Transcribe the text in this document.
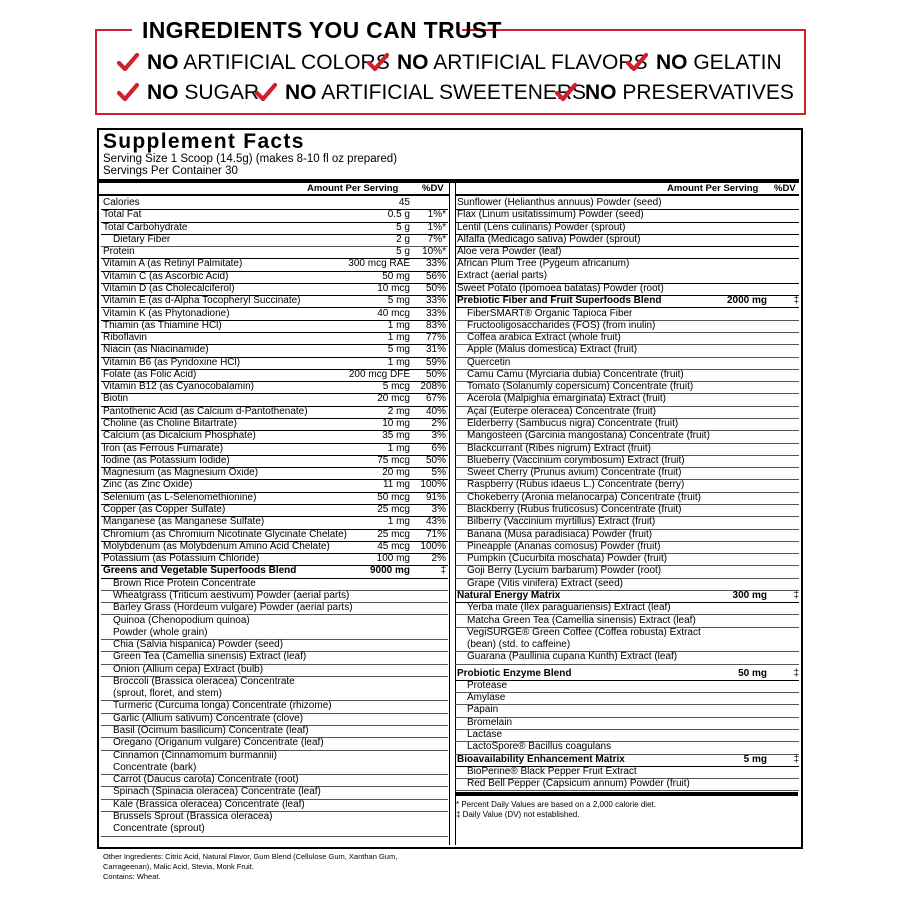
INGREDIENTS YOU CAN TRUST
NO ARTIFICIAL COLORS NO ARTIFICIAL FLAVORS NO GELATIN
NO SUGAR	NO ARTIFICIAL SWEETENERS
NO PRESERVATIVES
Supplement Facts
Serving Size 1 Scoop (14.5g) (makes 8-10 fl oz prepared)
Servings Per Container 30
Amount Per Serving %DV	Amount Per Serving %DV
Calories	45
Total Fat	0.5 g 1%*
Total Carbohydrate	5 g 1%*
Dietary Fiber	2 g 7%*
Protein	5 g 10%*
Vitamin A (as Retinyl Palmitate)	300 mcg RAE 33%
Vitamin C (as Ascorbic Acid)	50 mg 56%
Vitamin D (as Cholecalciferol)	10 mcg 50%
Vitamin E (as d-Alpha Tocopheryl Succinate)	5 mg 33%
Vitamin K (as Phytonadione)	40 mcg 33%
Thiamin (as Thiamine HCl)	1 mg 83%
Riboflavin	1 mg 77%
Niacin (as Niacinamide)	5 mg 31%
Vitamin B6 (as Pyridoxine HCl)	1 mg 59%
Folate (as Folic Acid)	200 mcg DFE 50%
Vitamin B12 (as Cyanocobalamin)	5 mcg 208%
Biotin	20 mcg 67%
Pantothenic Acid (as Calcium d-Pantothenate)	2 mg 40%
Choline (as Choline Bitartrate)	10 mg 2%
Calcium (as Dicalcium Phosphate)	35 mg 3%
Iron (as Ferrous Fumarate)	1 mg 6%
Iodine (as Potassium Iodide)	75 mcg 50%
Magnesium (as Magnesium Oxide)	20 mg 5%
Zinc (as Zinc Oxide)	11 mg 100%
Selenium (as L-Selenomethionine)	50 mcg 91%
Copper (as Copper Sulfate)	25 mcg 3%
Manganese (as Manganese Sulfate)	1 mg 43%
Chromium (as Chromium Nicotinate Glycinate Chelate)	25 mcg 71%
Molybdenum (as Molybdenum Amino Acid Chelate)	45 mcg 100%
Potassium (as Potassium Chloride)	100 mg 2%
Greens and Vegetable Superfoods Blend	9000 mg	‡
Brown Rice Protein Concentrate
Wheatgrass (Triticum aestivum) Powder (aerial parts)
Barley Grass (Hordeum vulgare) Powder (aerial parts)
Quinoa (Chenopodium quinoa)
Powder (whole grain)
Chia (Salvia hispanica) Powder (seed)
Green Tea (Camellia sinensis) Extract (leaf)
Onion (Allium cepa) Extract (bulb)
Broccoli (Brassica oleracea) Concentrate
(sprout, floret, and stem)
Turmeric (Curcuma longa) Concentrate (rhizome)
Garlic (Allium sativum) Concentrate (clove)
Basil (Ocimum basilicum) Concentrate (leaf)
Oregano (Origanum vulgare) Concentrate (leaf)
Cinnamon (Cinnamomum burmannii)
Concentrate (bark)
Carrot (Daucus carota) Concentrate (root)
Spinach (Spinacia oleracea) Concentrate (leaf)
Kale (Brassica oleracea) Concentrate (leaf)
Brussels Sprout (Brassica oleracea)
Concentrate (sprout)
Sunflower (Helianthus annuus) Powder (seed)
Flax (Linum usitatissimum) Powder (seed)
Lentil (Lens culinaris) Powder (sprout)
Alfalfa (Medicago sativa) Powder (sprout)
Aloe vera Powder (leaf)
African Plum Tree (Pygeum africanum)
Extract (aerial parts)
Sweet Potato (Ipomoea batatas) Powder (root)
Prebiotic Fiber and Fruit Superfoods Blend	2000 mg	‡
FiberSMART® Organic Tapioca Fiber
Fructooligosaccharides (FOS) (from inulin)
Coffea arabica Extract (whole fruit)
Apple (Malus domestica) Extract (fruit)
Quercetin
Camu Camu (Myrciaria dubia) Concentrate (fruit)
Tomato (Solanumly copersicum) Concentrate (fruit)
Acerola (Malpighia emarginata) Extract (fruit)
Açaí (Euterpe oleracea) Concentrate (fruit)
Elderberry (Sambucus nigra) Concentrate (fruit)
Mangosteen (Garcinia mangostana) Concentrate (fruit)
Blackcurrant (Ribes nigrum) Extract (fruit)
Blueberry (Vaccinium corymbosum) Extract (fruit)
Sweet Cherry (Prunus avium) Concentrate (fruit)
Raspberry (Rubus idaeus L.) Concentrate (berry)
Chokeberry (Aronia melanocarpa) Concentrate (fruit)
Blackberry (Rubus fruticosus) Concentrate (fruit)
Bilberry (Vaccinium myrtillus) Extract (fruit)
Banana (Musa paradisiaca) Powder (fruit)
Pineapple (Ananas comosus) Powder (fruit)
Pumpkin (Cucurbita moschata) Powder (fruit)
Goji Berry (Lycium barbarum) Powder (root)
Grape (Vitis vinifera) Extract (seed)
Natural Energy Matrix	300 mg	‡
Yerba mate (Ilex paraguariensis) Extract (leaf)
Matcha Green Tea (Camellia sinensis) Extract (leaf)
VegiSURGE® Green Coffee (Coffea robusta) Extract
(bean) (std. to caffeine)
Guarana (Paullinia cupana Kunth) Extract (leaf)
Probiotic Enzyme Blend	50 mg	‡
Protease
Amylase
Papain
Bromelain
Lactase
LactoSpore® Bacillus coagulans
Bioavailability Enhancement Matrix	5 mg	‡
BioPerine® Black Pepper Fruit Extract
Red Bell Pepper (Capsicum annum) Powder (fruit)
* Percent Daily Values are based on a 2,000 calorie diet.
‡ Daily Value (DV) not established.
Other Ingredients: Citric Acid, Natural Flavor, Gum Blend (Cellulose Gum, Xanthan Gum,
Carrageenan), Malic Acid, Stevia, Monk Fruit.
Contains: Wheat.
